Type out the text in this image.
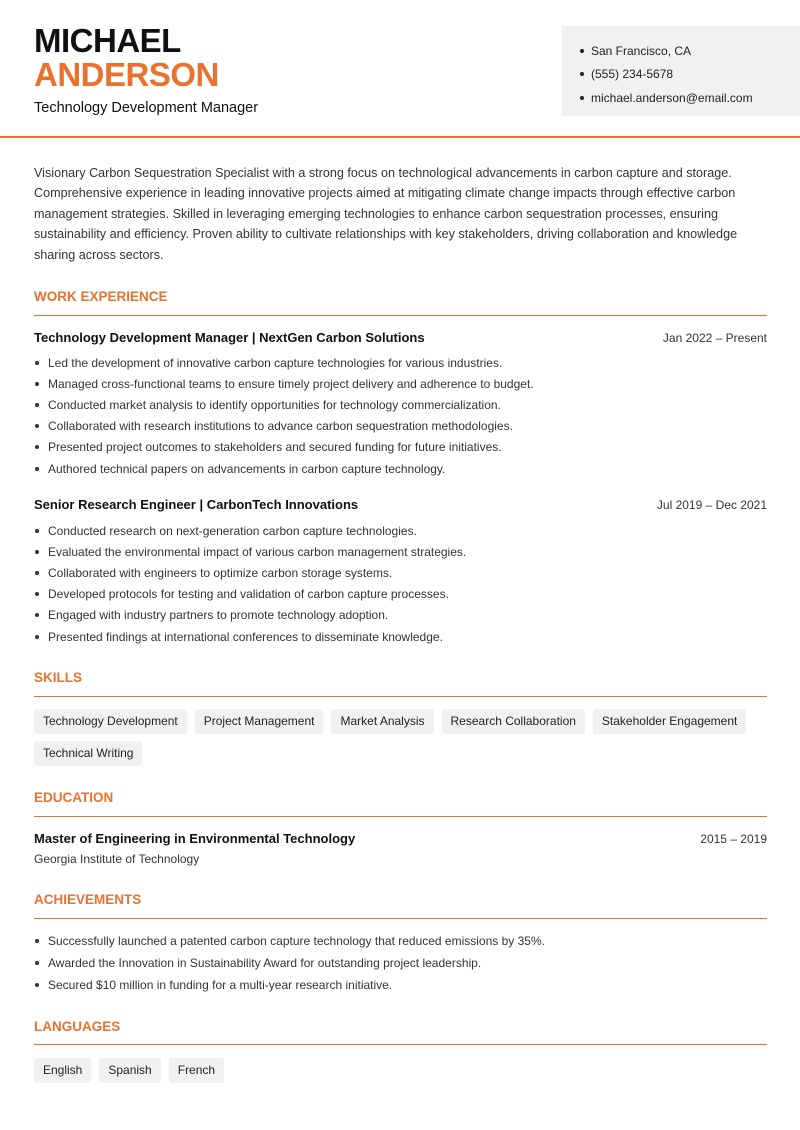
MICHAEL
ANDERSON
Technology Development Manager
San Francisco, CA
(555) 234-5678
michael.anderson@email.com
Visionary Carbon Sequestration Specialist with a strong focus on technological advancements in carbon capture and storage. Comprehensive experience in leading innovative projects aimed at mitigating climate change impacts through effective carbon management strategies. Skilled in leveraging emerging technologies to enhance carbon sequestration processes, ensuring sustainability and efficiency. Proven ability to cultivate relationships with key stakeholders, driving collaboration and knowledge sharing across sectors.
WORK EXPERIENCE
Technology Development Manager | NextGen Carbon Solutions	Jan 2022 – Present
Led the development of innovative carbon capture technologies for various industries.
Managed cross-functional teams to ensure timely project delivery and adherence to budget.
Conducted market analysis to identify opportunities for technology commercialization.
Collaborated with research institutions to advance carbon sequestration methodologies.
Presented project outcomes to stakeholders and secured funding for future initiatives.
Authored technical papers on advancements in carbon capture technology.
Senior Research Engineer | CarbonTech Innovations	Jul 2019 – Dec 2021
Conducted research on next-generation carbon capture technologies.
Evaluated the environmental impact of various carbon management strategies.
Collaborated with engineers to optimize carbon storage systems.
Developed protocols for testing and validation of carbon capture processes.
Engaged with industry partners to promote technology adoption.
Presented findings at international conferences to disseminate knowledge.
SKILLS
Technology Development	Project Management	Market Analysis	Research Collaboration	Stakeholder Engagement
Technical Writing
EDUCATION
Master of Engineering in Environmental Technology	2015 – 2019
Georgia Institute of Technology
ACHIEVEMENTS
Successfully launched a patented carbon capture technology that reduced emissions by 35%.
Awarded the Innovation in Sustainability Award for outstanding project leadership.
Secured $10 million in funding for a multi-year research initiative.
LANGUAGES
English	Spanish	French
